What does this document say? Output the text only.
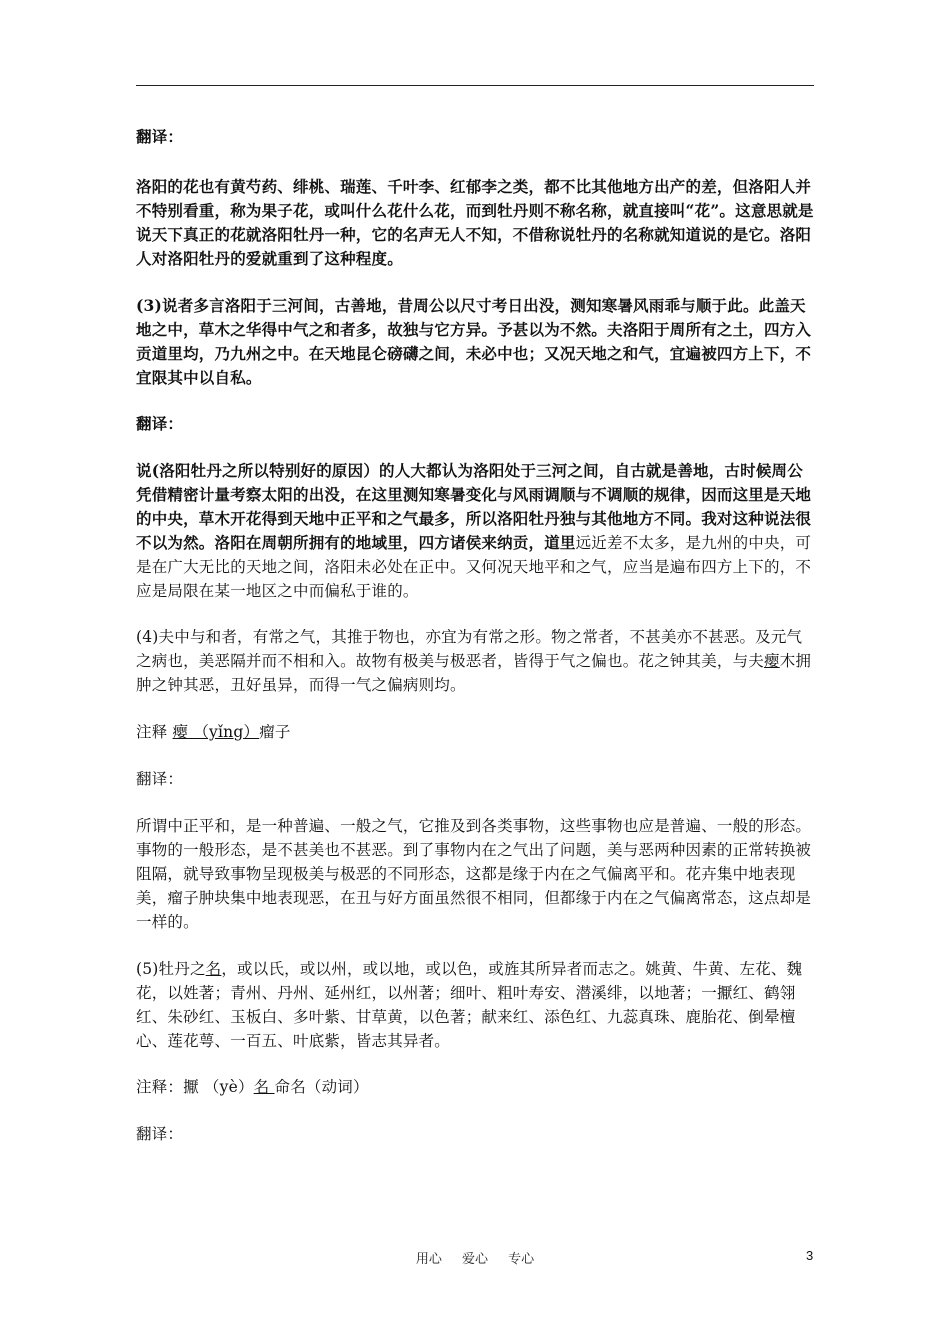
翻译：

洛阳的花也有黄芍药、绯桃、瑞莲、千叶李、红郁李之类，都不比其他地方出产的差，但洛阳人并不特别看重，称为果子花，或叫什么花什么花，而到牡丹则不称名称，就直接叫“花”。这意思就是说天下真正的花就洛阳牡丹一种，它的名声无人不知，不借称说牡丹的名称就知道说的是它。洛阳人对洛阳牡丹的爱就重到了这种程度。

(3)说者多言洛阳于三河间，古善地，昔周公以尺寸考日出没，测知寒暑风雨乖与顺于此。此盖天地之中，草木之华得中气之和者多，故独与它方异。予甚以为不然。夫洛阳于周所有之土，四方入贡道里均，乃九州之中。在天地昆仑磅礴之间，未必中也；又况天地之和气，宜遍被四方上下，不宜限其中以自私。

翻译：

说(洛阳牡丹之所以特别好的原因）的人大都认为洛阳处于三河之间，自古就是善地，古时候周公凭借精密计量考察太阳的出没，在这里测知寒暑变化与风雨调顺与不调顺的规律，因而这里是天地的中央，草木开花得到天地中正平和之气最多，所以洛阳牡丹独与其他地方不同。我对这种说法很不以为然。洛阳在周朝所拥有的地域里，四方诸侯来纳贡，道里远近差不太多，是九州的中央，可是在广大无比的天地之间，洛阳未必处在正中。又何况天地平和之气，应当是遍布四方上下的，不应是局限在某一地区之中而偏私于谁的。

(4)夫中与和者，有常之气，其推于物也，亦宜为有常之形。物之常者，不甚美亦不甚恶。及元气之病也，美恶隔并而不相和入。故物有极美与极恶者，皆得于气之偏也。花之钟其美，与夫瘿木拥肿之钟其恶，丑好虽异，而得一气之偏病则均。

注释 瘿 （yǐng）瘤子

翻译：

所谓中正平和，是一种普遍、一般之气，它推及到各类事物，这些事物也应是普遍、一般的形态。事物的一般形态，是不甚美也不甚恶。到了事物内在之气出了问题，美与恶两种因素的正常转换被阻隔，就导致事物呈现极美与极恶的不同形态，这都是缘于内在之气偏离平和。花卉集中地表现美，瘤子肿块集中地表现恶，在丑与好方面虽然很不相同，但都缘于内在之气偏离常态，这点却是一样的。

(5)牡丹之名，或以氏，或以州，或以地，或以色，或旌其所异者而志之。姚黄、牛黄、左花、魏花，以姓著；青州、丹州、延州红，以州著；细叶、粗叶寿安、潜溪绯，以地著；一擫红、鹤翎红、朱砂红、玉板白、多叶紫、甘草黄，以色著；献来红、添色红、九蕊真珠、鹿胎花、倒晕檀心、莲花萼、一百五、叶底紫，皆志其异者。

注释：擫 （yè）名 命名（动词）

翻译：

用心 爱心 专心	3
